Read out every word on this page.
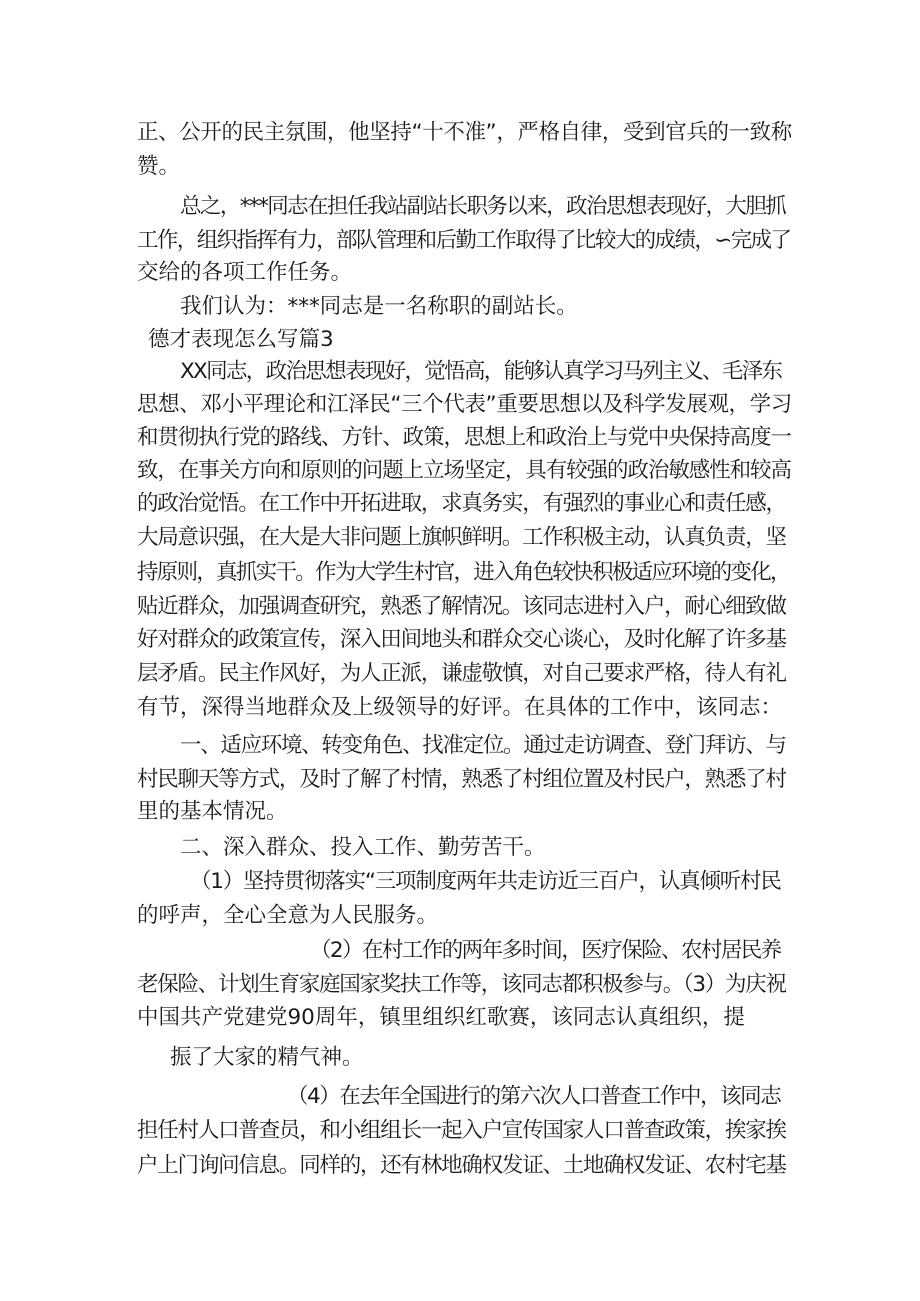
正、公开的民主氛围，他坚持“十不准”，严格自律，受到官兵的一致称

赞。

总之，***同志在担任我站副站长职务以来，政治思想表现好，大胆抓

工作，组织指挥有力，部队管理和后勤工作取得了比较大的成绩，∽完成了

交给的各项工作任务。

我们认为：***同志是一名称职的副站长。

德才表现怎么写篇3

XX同志，政治思想表现好，觉悟高，能够认真学习马列主义、毛泽东

思想、邓小平理论和江泽民“三个代表”重要思想以及科学发展观，学习

和贯彻执行党的路线、方针、政策，思想上和政治上与党中央保持高度一

致，在事关方向和原则的问题上立场坚定，具有较强的政治敏感性和较高

的政治觉悟。在工作中开拓进取，求真务实，有强烈的事业心和责任感，

大局意识强，在大是大非问题上旗帜鲜明。工作积极主动，认真负责，坚

持原则，真抓实干。作为大学生村官，进入角色较快积极适应环境的变化，

贴近群众，加强调查研究，熟悉了解情况。该同志进村入户，耐心细致做

好对群众的政策宣传，深入田间地头和群众交心谈心，及时化解了许多基

层矛盾。民主作风好，为人正派，谦虚敬慎，对自己要求严格，待人有礼

有节，深得当地群众及上级领导的好评。在具体的工作中，该同志：

一、适应环境、转变角色、找准定位。通过走访调查、登门拜访、与

村民聊天等方式，及时了解了村情，熟悉了村组位置及村民户，熟悉了村

里的基本情况。

二、深入群众、投入工作、勤劳苦干。

（1）坚持贯彻落实“三项制度两年共走访近三百户，认真倾听村民

的呼声，全心全意为人民服务。

（2）在村工作的两年多时间，医疗保险、农村居民养

老保险、计划生育家庭国家奖扶工作等，该同志都积极参与。（3）为庆祝

中国共产党建党90周年，镇里组织红歌赛，该同志认真组织，提

振了大家的精气神。

（4）在去年全国进行的第六次人口普查工作中，该同志

担任村人口普查员，和小组组长一起入户宣传国家人口普查政策，挨家挨

户上门询问信息。同样的，还有林地确权发证、土地确权发证、农村宅基
